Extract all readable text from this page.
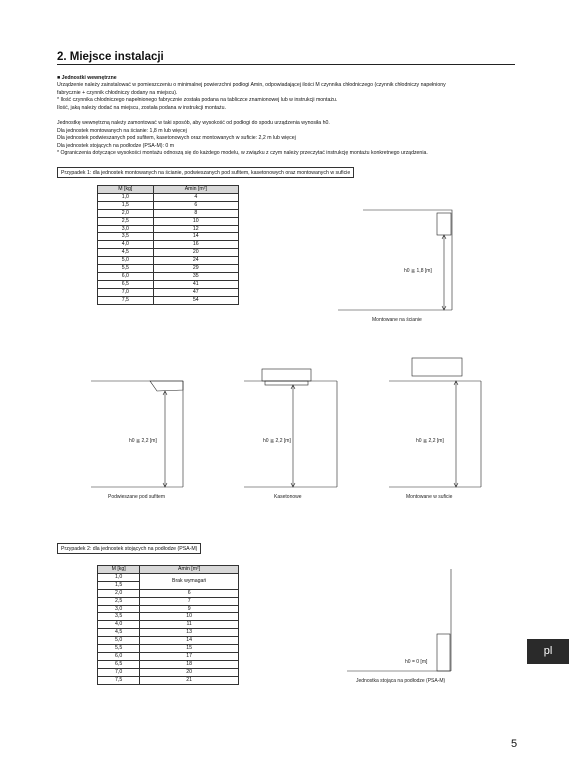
2. Miejsce instalacji
■ Jednostki wewnętrzne
Urządzenie należy zainstalować w pomieszczeniu o minimalnej powierzchni podłogi Amin, odpowiadającej ilości M czynnika chłodniczego (czynnik chłodniczy napełniony
fabrycznie + czynnik chłodniczy dodany na miejscu).
* Ilość czynnika chłodniczego napełnionego fabrycznie została podana na tabliczce znamionowej lub w instrukcji montażu.
Ilość, jaką należy dodać na miejscu, została podana w instrukcji montażu.
Jednostkę wewnętrzną należy zamontować w taki sposób, aby wysokość od podłogi do spodu urządzenia wynosiła h0.
Dla jednostek montowanych na ścianie: 1,8 m lub więcej
Dla jednostek podwieszanych pod sufitem, kasetonowych oraz montowanych w suficie: 2,2 m lub więcej
Dla jednostek stojących na podłodze (PSA-M): 0 m
* Ograniczenia dotyczące wysokości montażu odnoszą się do każdego modelu, w związku z czym należy przeczytać instrukcję montażu konkretnego urządzenia.
Przypadek 1: dla jednostek montowanych na ścianie, podwieszanych pod sufitem, kasetonowych oraz montowanych w suficie
M [kg]	Amin [m²]
1,0	4
1,5	6
2,0	8
2,5	10
3,0	12
3,5	14
4,0	16
4,5	20
5,0	24
5,5	29
6,0	35
6,5	41
7,0	47
7,5	54
M [kg]	Amin [m²]
1,0	Brak wymagań
1,5	
2,0	6
2,5	7
3,0	9
3,5	10
4,0	11
4,5	13
5,0	14
5,5	15
6,0	17
6,5	18
7,0	20
7,5	21
Przypadek 2: dla jednostek stojących na podłodze (PSA-M)
h0 ≧ 1,8 [m]
Montowane na ścianie
h0 ≧ 2,2 [m]
Podwieszane pod sufitem
h0 ≧ 2,2 [m]
Kasetonowe
h0 ≧ 2,2 [m]
Montowane w suficie
h0 = 0 [m]
Jednostka stojąca na podłodze (PSA-M)
pl
5
